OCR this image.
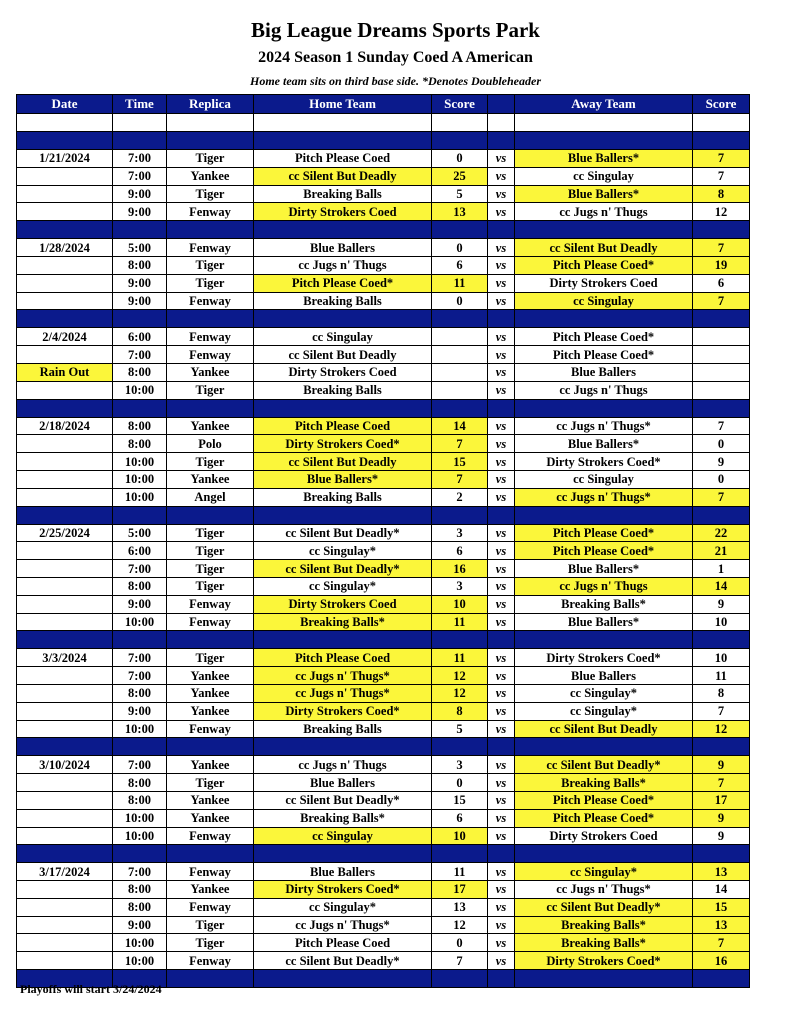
Big League Dreams Sports Park
2024 Season 1 Sunday Coed A American
Home team sits on third base side. *Denotes Doubleheader
Date	Time	Replica	Home Team	Score		Away Team	Score

1/21/2024	7:00	Tiger	Pitch Please Coed	0	vs	Blue Ballers*	7
	7:00	Yankee	cc Silent But Deadly	25	vs	cc Singulay	7
	9:00	Tiger	Breaking Balls	5	vs	Blue Ballers*	8
	9:00	Fenway	Dirty Strokers Coed	13	vs	cc Jugs n' Thugs	12

1/28/2024	5:00	Fenway	Blue Ballers	0	vs	cc Silent But Deadly	7
	8:00	Tiger	cc Jugs n' Thugs	6	vs	Pitch Please Coed*	19
	9:00	Tiger	Pitch Please Coed*	11	vs	Dirty Strokers Coed	6
	9:00	Fenway	Breaking Balls	0	vs	cc Singulay	7

2/4/2024	6:00	Fenway	cc Singulay		vs	Pitch Please Coed*	
	7:00	Fenway	cc Silent But Deadly		vs	Pitch Please Coed*	
Rain Out	8:00	Yankee	Dirty Strokers Coed		vs	Blue Ballers	
	10:00	Tiger	Breaking Balls		vs	cc Jugs n' Thugs	

2/18/2024	8:00	Yankee	Pitch Please Coed	14	vs	cc Jugs n' Thugs*	7
	8:00	Polo	Dirty Strokers Coed*	7	vs	Blue Ballers*	0
	10:00	Tiger	cc Silent But Deadly	15	vs	Dirty Strokers Coed*	9
	10:00	Yankee	Blue Ballers*	7	vs	cc Singulay	0
	10:00	Angel	Breaking Balls	2	vs	cc Jugs n' Thugs*	7

2/25/2024	5:00	Tiger	cc Silent But Deadly*	3	vs	Pitch Please Coed*	22
	6:00	Tiger	cc Singulay*	6	vs	Pitch Please Coed*	21
	7:00	Tiger	cc Silent But Deadly*	16	vs	Blue Ballers*	1
	8:00	Tiger	cc Singulay*	3	vs	cc Jugs n' Thugs	14
	9:00	Fenway	Dirty Strokers Coed	10	vs	Breaking Balls*	9
	10:00	Fenway	Breaking Balls*	11	vs	Blue Ballers*	10

3/3/2024	7:00	Tiger	Pitch Please Coed	11	vs	Dirty Strokers Coed*	10
	7:00	Yankee	cc Jugs n' Thugs*	12	vs	Blue Ballers	11
	8:00	Yankee	cc Jugs n' Thugs*	12	vs	cc Singulay*	8
	9:00	Yankee	Dirty Strokers Coed*	8	vs	cc Singulay*	7
	10:00	Fenway	Breaking Balls	5	vs	cc Silent But Deadly	12

3/10/2024	7:00	Yankee	cc Jugs n' Thugs	3	vs	cc Silent But Deadly*	9
	8:00	Tiger	Blue Ballers	0	vs	Breaking Balls*	7
	8:00	Yankee	cc Silent But Deadly*	15	vs	Pitch Please Coed*	17
	10:00	Yankee	Breaking Balls*	6	vs	Pitch Please Coed*	9
	10:00	Fenway	cc Singulay	10	vs	Dirty Strokers Coed	9

3/17/2024	7:00	Fenway	Blue Ballers	11	vs	cc Singulay*	13
	8:00	Yankee	Dirty Strokers Coed*	17	vs	cc Jugs n' Thugs*	14
	8:00	Fenway	cc Singulay*	13	vs	cc Silent But Deadly*	15
	9:00	Tiger	cc Jugs n' Thugs*	12	vs	Breaking Balls*	13
	10:00	Tiger	Pitch Please Coed	0	vs	Breaking Balls*	7
	10:00	Fenway	cc Silent But Deadly*	7	vs	Dirty Strokers Coed*	16

Playoffs will start 3/24/2024
